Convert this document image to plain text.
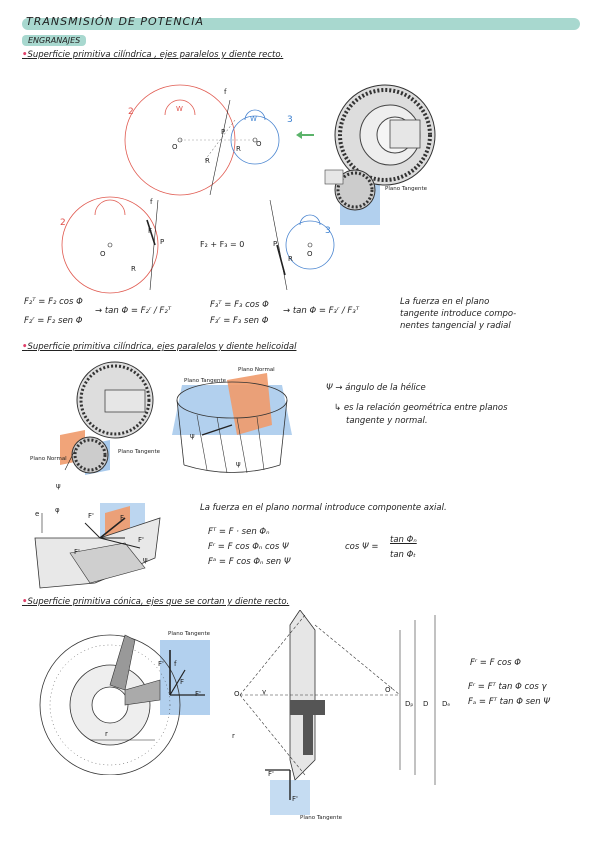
TRANSMISIÓN DE POTENCIA
ENGRANAJES
•Superficie primitiva cilíndrica , ejes paralelos y diente recto.
2
3
W
W
O	O
R
R
P
f
Plano Tangente
2
3
O	O
R
R
P	P
F
f
F₂ + F₃ = 0
F₂ᵀ = F₂ cos Φ
F₂ʳ = F₂ sen Φ
→ tan Φ = F₂ʳ / F₂ᵀ
F₃ᵀ = F₃ cos Φ
F₃ʳ = F₃ sen Φ
→ tan Φ = F₃ʳ / F₃ᵀ
La fuerza en el plano
tangente introduce compo-
nentes tangencial y radial
•Superficie primitiva cilíndrica, ejes paralelos y diente helicoidal
Plano Normal
Plano Tangente
ψ
Plano Normal
Plano Tangente
ψ
ψ
Ψ → ángulo de la hélice
↳ es la relación geométrica entre planos
tangente y normal.
F
F'
F'
F'
ψ
φ
e
La fuerza en el plano normal introduce componente axial.
Fᵀ = F · sen Φₙ
Fʳ = F cos Φₙ cos Ψ
Fᵃ = F cos Φₙ sen Ψ
cos Ψ =
tan Φₙ
tan Φₜ
•Superficie primitiva cónica, ejes que se cortan y diente recto.
Plano Tangente
F' f
F
F'
r
O	O'
Dₚ D Dₑ
r
γ
F'
F'
Plano Tangente
Fʳ = F cos Φ
Fʳ = Fᵀ tan Φ cos γ
Fₐ = Fᵀ tan Φ sen Ψ
